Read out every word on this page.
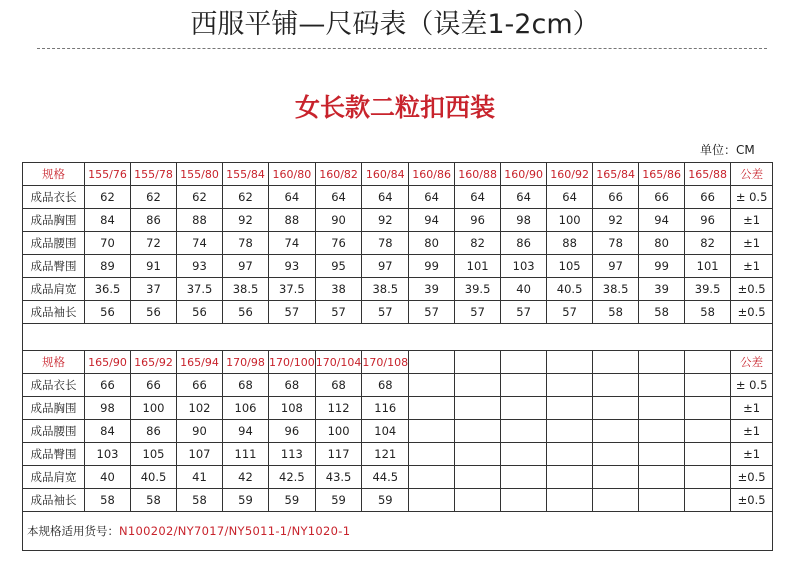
西服平铺—尺码表（误差1-2cm）
女长款二粒扣西装
单位：CM
规格	155/76	155/78	155/80	155/84	160/80	160/82	160/84	160/86	160/88	160/90	160/92	165/84	165/86	165/88	公差
成品衣长	62	62	62	62	64	64	64	64	64	64	64	66	66	66	± 0.5
成品胸围	84	86	88	92	88	90	92	94	96	98	100	92	94	96	±1
成品腰围	70	72	74	78	74	76	78	80	82	86	88	78	80	82	±1
成品臀围	89	91	93	97	93	95	97	99	101	103	105	97	99	101	±1
成品肩宽	36.5	37	37.5	38.5	37.5	38	38.5	39	39.5	40	40.5	38.5	39	39.5	±0.5
成品袖长	56	56	56	56	57	57	57	57	57	57	57	58	58	58	±0.5

规格	165/90	165/92	165/94	170/98	170/100	170/104	170/108								公差
成品衣长	66	66	66	68	68	68	68								± 0.5
成品胸围	98	100	102	106	108	112	116								±1
成品腰围	84	86	90	94	96	100	104								±1
成品臀围	103	105	107	111	113	117	121								±1
成品肩宽	40	40.5	41	42	42.5	43.5	44.5								±0.5
成品袖长	58	58	58	59	59	59	59								±0.5
本规格适用货号：N100202/NY7017/NY5011-1/NY1020-1															
